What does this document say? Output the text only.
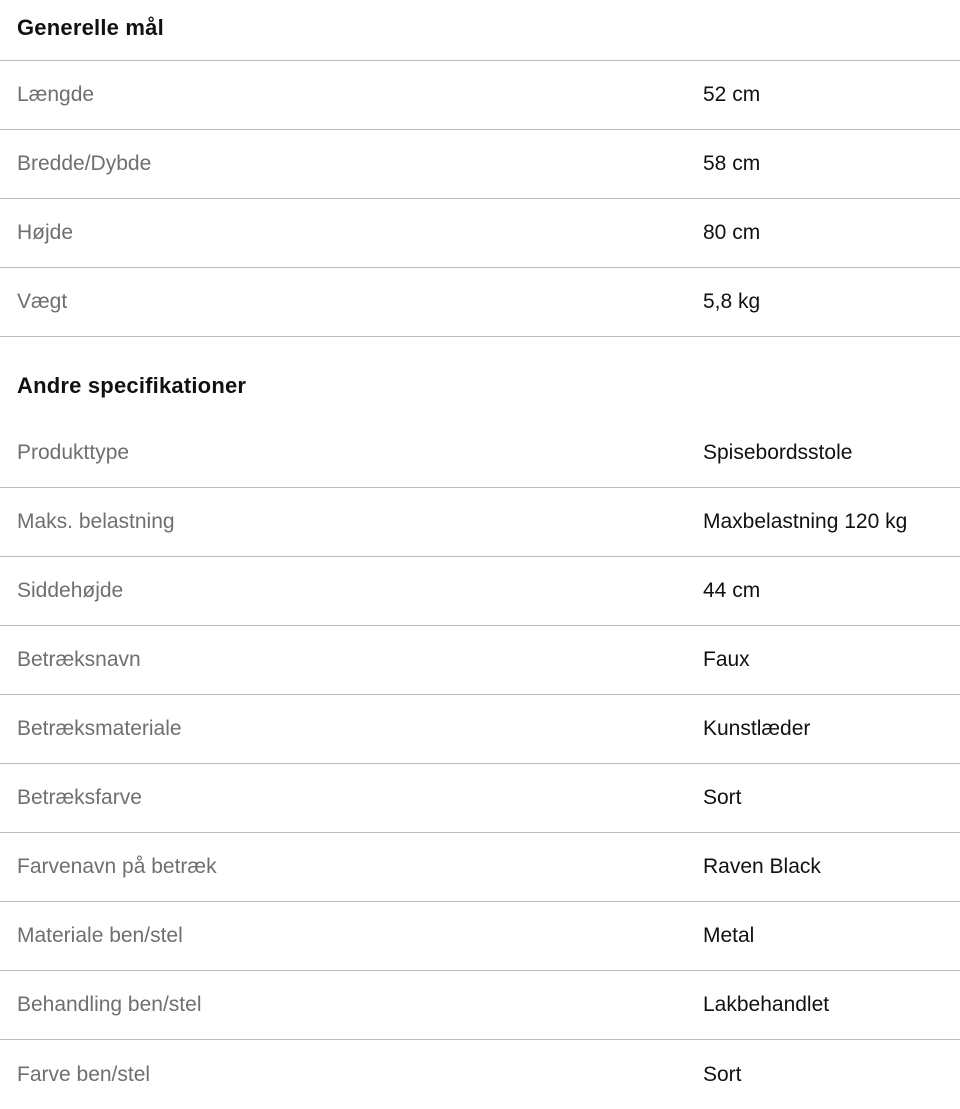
Generelle mål
Længde	52 cm
Bredde/Dybde	58 cm
Højde	80 cm
Vægt	5,8 kg
Andre specifikationer
Produkttype	Spisebordsstole
Maks. belastning	Maxbelastning 120 kg
Siddehøjde	44 cm
Betræksnavn	Faux
Betræksmateriale	Kunstlæder
Betræksfarve	Sort
Farvenavn på betræk	Raven Black
Materiale ben/stel	Metal
Behandling ben/stel	Lakbehandlet
Farve ben/stel	Sort
